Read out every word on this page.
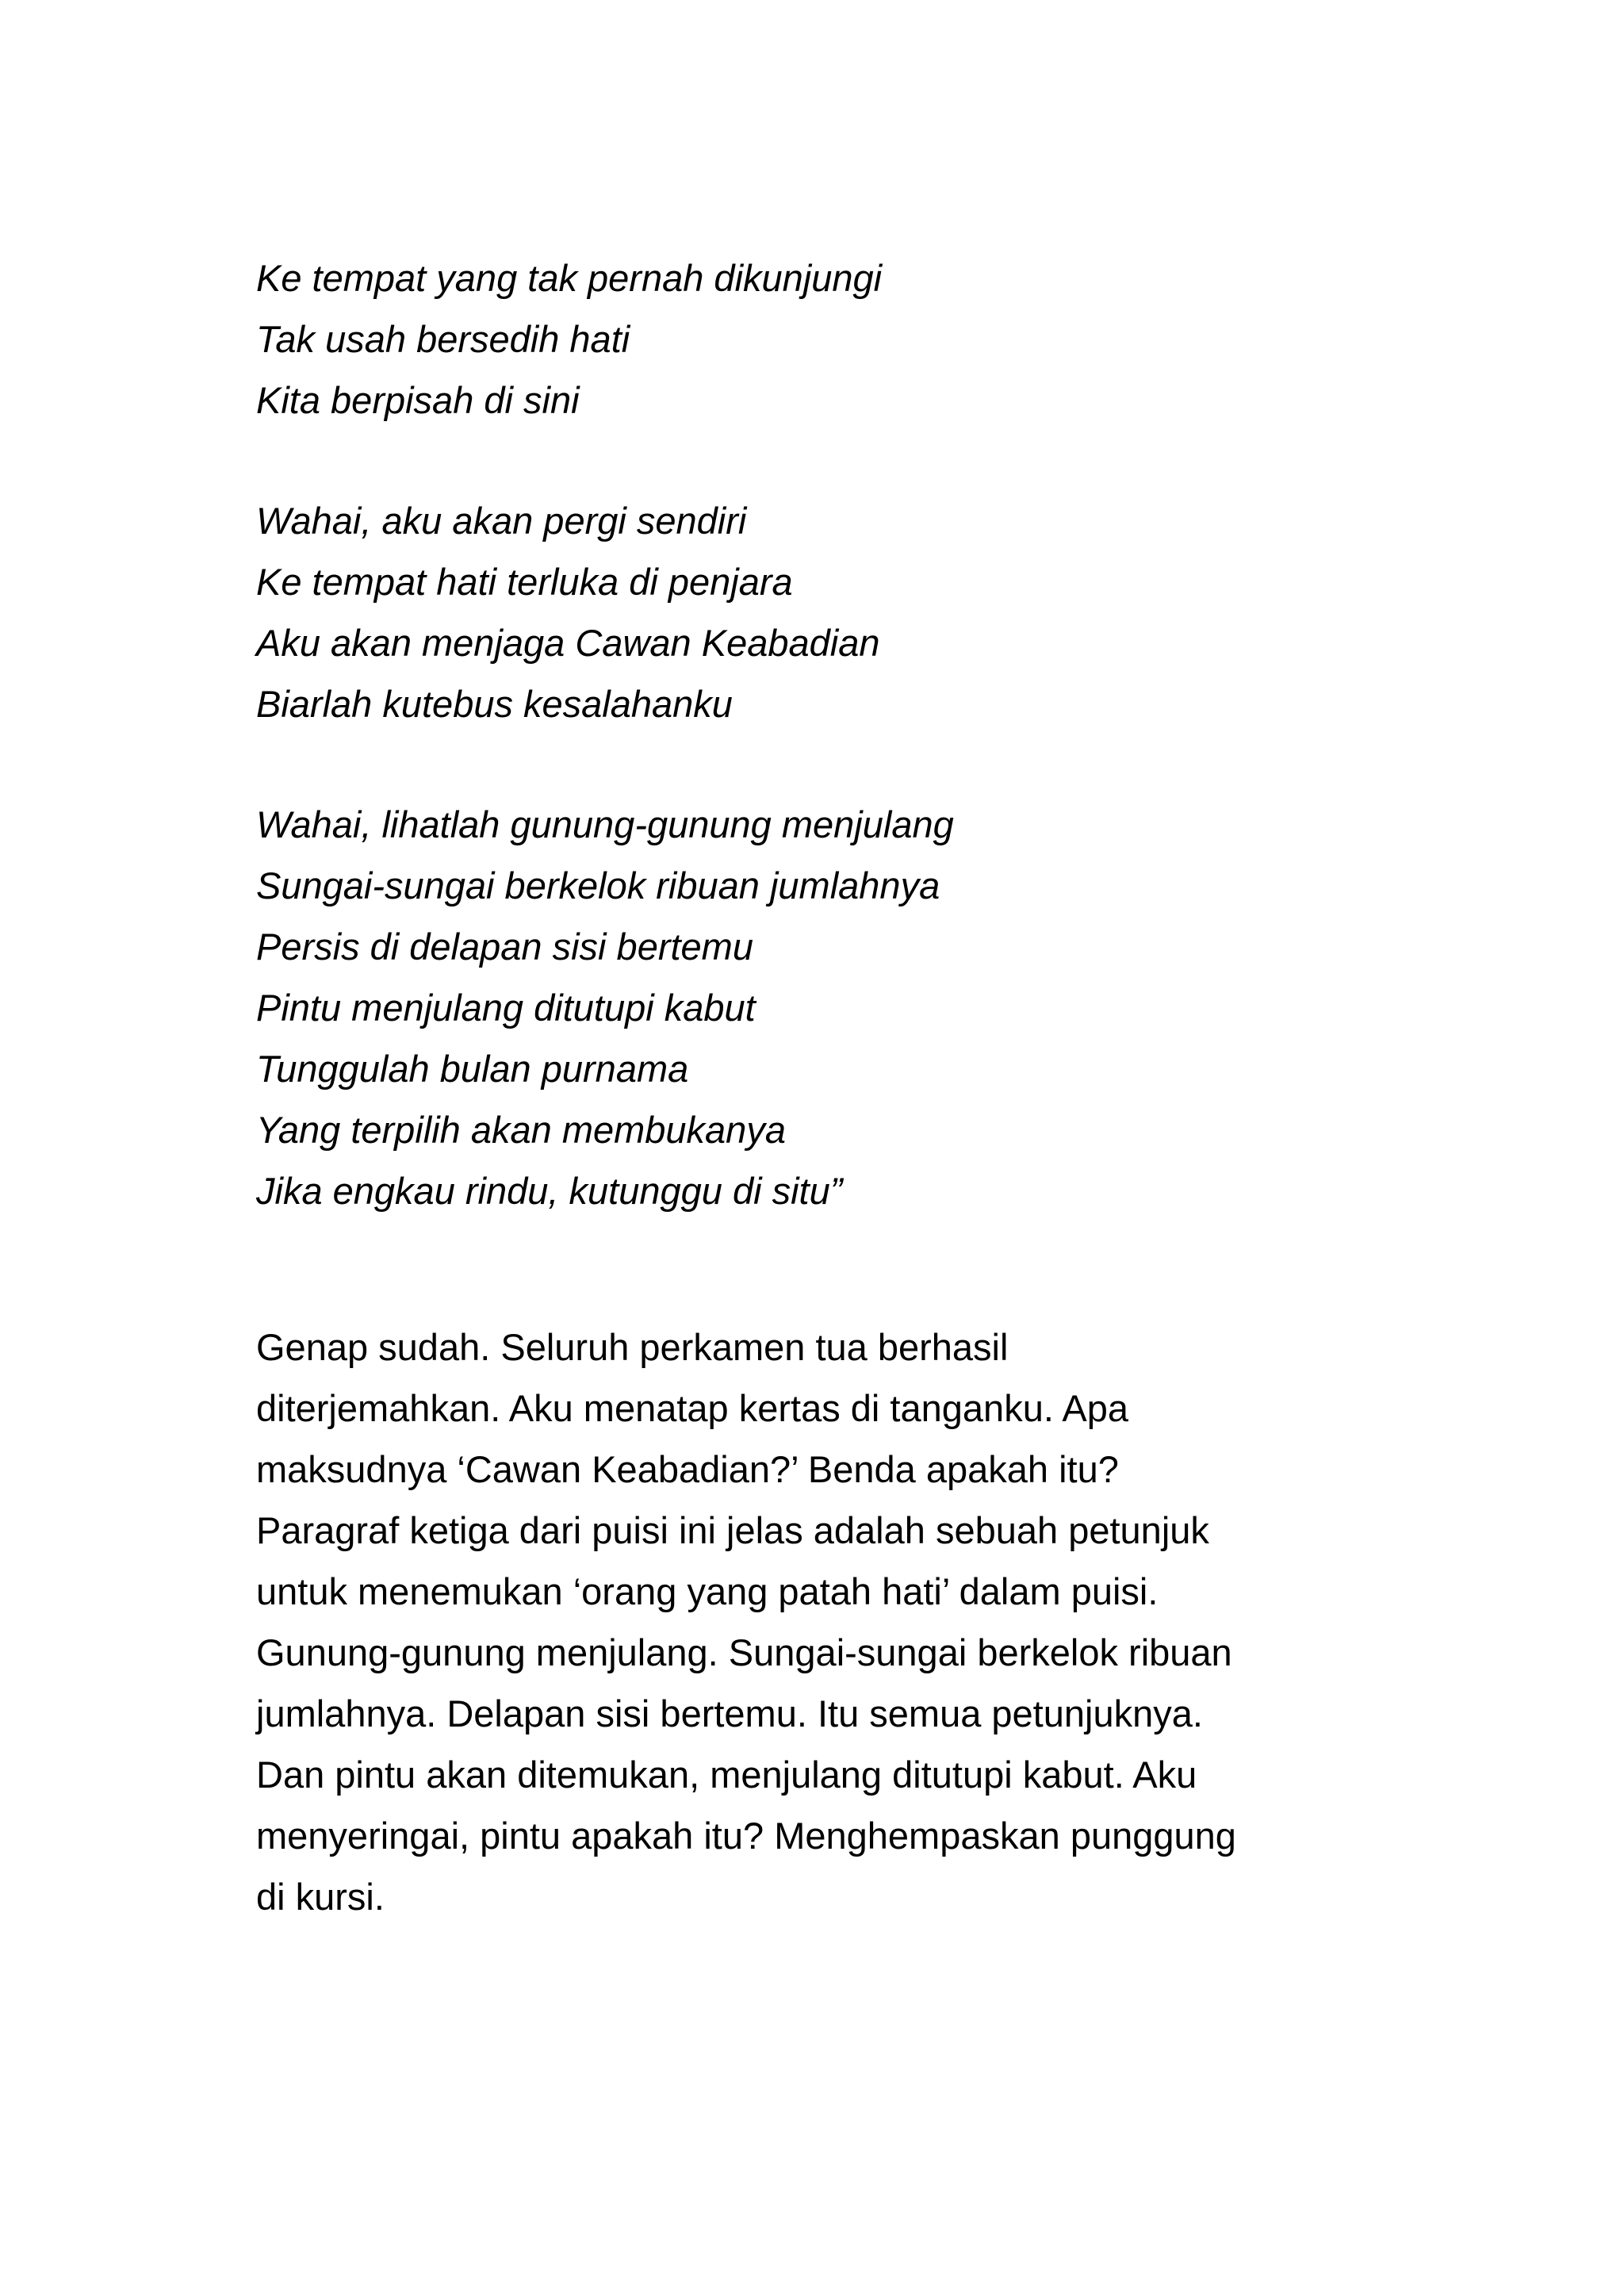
Ke tempat yang tak pernah dikunjungi
Tak usah bersedih hati
Kita berpisah di sini
Wahai, aku akan pergi sendiri
Ke tempat hati terluka di penjara
Aku akan menjaga Cawan Keabadian
Biarlah kutebus kesalahanku
Wahai, lihatlah gunung-gunung menjulang
Sungai-sungai berkelok ribuan jumlahnya
Persis di delapan sisi bertemu
Pintu menjulang ditutupi kabut
Tunggulah bulan purnama
Yang terpilih akan membukanya
Jika engkau rindu, kutunggu di situ”
Genap sudah. Seluruh perkamen tua berhasil
diterjemahkan. Aku menatap kertas di tanganku. Apa
maksudnya ‘Cawan Keabadian?’ Benda apakah itu?
Paragraf ketiga dari puisi ini jelas adalah sebuah petunjuk
untuk menemukan ‘orang yang patah hati’ dalam puisi.
Gunung-gunung menjulang. Sungai-sungai berkelok ribuan
jumlahnya. Delapan sisi bertemu. Itu semua petunjuknya.
Dan pintu akan ditemukan, menjulang ditutupi kabut. Aku
menyeringai, pintu apakah itu? Menghempaskan punggung
di kursi.
